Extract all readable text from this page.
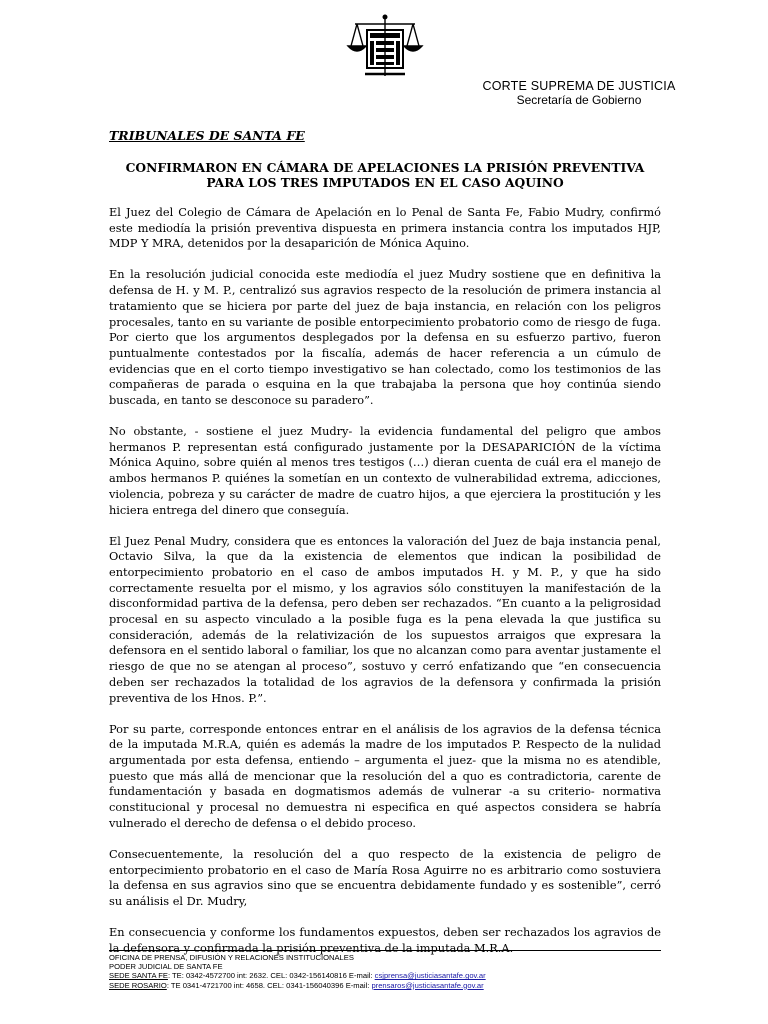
CORTE SUPREMA DE JUSTICIA
Secretaría de Gobierno
TRIBUNALES DE SANTA FE
CONFIRMARON EN CÁMARA DE APELACIONES LA PRISIÓN PREVENTIVA
PARA LOS TRES IMPUTADOS EN EL CASO AQUINO

El Juez del Colegio de Cámara de Apelación en lo Penal de Santa Fe, Fabio Mudry, confirmó este mediodía la prisión preventiva dispuesta en primera instancia contra los imputados HJP, MDP Y MRA, detenidos por la desaparición de Mónica Aquino.

En la resolución judicial conocida este mediodía el juez Mudry sostiene que en definitiva la defensa de H. y M. P., centralizó sus agravios respecto de la resolución de primera instancia al tratamiento que se hiciera por parte del juez de baja instancia, en relación con los peligros procesales, tanto en su variante de posible entorpecimiento probatorio como de riesgo de fuga. Por cierto que los argumentos desplegados por la defensa en su esfuerzo partivo, fueron puntualmente contestados por la fiscalía, además de hacer referencia a un cúmulo de evidencias que en el corto tiempo investigativo se han colectado, como los testimonios de las compañeras de parada o esquina en la que trabajaba la persona que hoy continúa siendo buscada, en tanto se desconoce su paradero”.

No obstante, - sostiene el juez Mudry- la evidencia fundamental del peligro que ambos hermanos P. representan está configurado justamente por la DESAPARICIÓN de la víctima Mónica Aquino, sobre quién al menos tres testigos (…) dieran cuenta de cuál era el manejo de ambos hermanos P. quiénes la sometían en un contexto de vulnerabilidad extrema, adicciones, violencia, pobreza y su carácter de madre de cuatro hijos, a que ejerciera la prostitución y les hiciera entrega del dinero que conseguía.

El Juez Penal Mudry, considera que es entonces la valoración del Juez de baja instancia penal, Octavio Silva, la que da la existencia de elementos que indican la posibilidad de entorpecimiento probatorio en el caso de ambos imputados H. y M. P., y que ha sido correctamente resuelta por el mismo, y los agravios sólo constituyen la manifestación de la disconformidad partiva de la defensa, pero deben ser rechazados. “En cuanto a la peligrosidad procesal en su aspecto vinculado a la posible fuga es la pena elevada la que justifica su consideración, además de la relativización de los supuestos arraigos que expresara la defensora en el sentido laboral o familiar, los que no alcanzan como para aventar justamente el riesgo de que no se atengan al proceso”, sostuvo y cerró enfatizando que “en consecuencia deben ser rechazados la totalidad de los agravios de la defensora y confirmada la prisión preventiva de los Hnos. P.”.

Por su parte, corresponde entonces entrar en el análisis de los agravios de la defensa técnica de la imputada M.R.A, quién es además la madre de los imputados P. Respecto de la nulidad argumentada por esta defensa, entiendo – argumenta el juez- que la misma no es atendible, puesto que más allá de mencionar que la resolución del a quo es contradictoria, carente de fundamentación y basada en dogmatismos además de vulnerar -a su criterio- normativa constitucional y procesal no demuestra ni especifica en qué aspectos considera se habría vulnerado el derecho de defensa o el debido proceso.

Consecuentemente, la resolución del a quo respecto de la existencia de peligro de entorpecimiento probatorio en el caso de María Rosa Aguirre no es arbitrario como sostuviera la defensa en sus agravios sino que se encuentra debidamente fundado y es sostenible”, cerró su análisis el Dr. Mudry,

En consecuencia y conforme los fundamentos expuestos, deben ser rechazados los agravios de la defensora y confirmada la prisión preventiva de la imputada M.R.A.

OFICINA DE PRENSA, DIFUSIÓN Y RELACIONES INSTITUCIONALES
PODER JUDICIAL DE SANTA FE
SEDE SANTA FE: TE: 0342-4572700 int: 2632. CEL: 0342-156140816 E-mail: csjprensa@justiciasantafe.gov.ar
SEDE ROSARIO: TE 0341-4721700 int: 4658. CEL: 0341-156040396 E-mail: prensaros@justiciasantafe.gov.ar
